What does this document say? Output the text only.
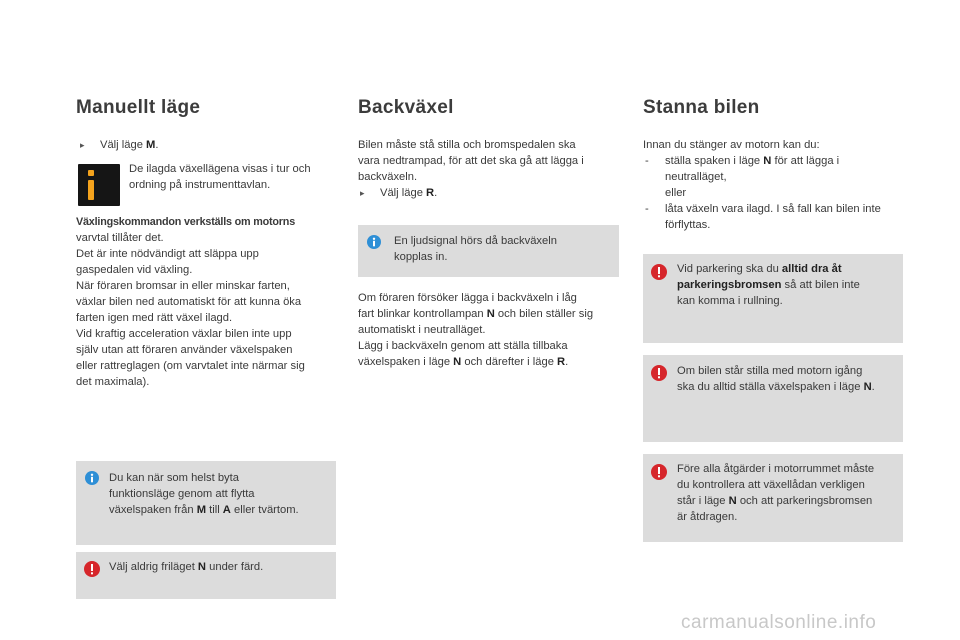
Manuellt läge
▸ Välj läge M.
De ilagda växellägena visas i tur och
ordning på instrumenttavlan.
Växlingskommandon verkställs om motorns
varvtal tillåter det.
Det är inte nödvändigt att släppa upp
gaspedalen vid växling.
När föraren bromsar in eller minskar farten,
växlar bilen ned automatiskt för att kunna öka
farten igen med rätt växel ilagd.
Vid kraftig acceleration växlar bilen inte upp
själv utan att föraren använder växelspaken
eller rattreglagen (om varvtalet inte närmar sig
det maximala).
Du kan när som helst byta
funktionsläge genom att flytta
växelspaken från M till A eller tvärtom.
Välj aldrig friläget N under färd.
Backväxel
Bilen måste stå stilla och bromspedalen ska
vara nedtrampad, för att det ska gå att lägga i
backväxeln.
▸ Välj läge R.
En ljudsignal hörs då backväxeln
kopplas in.
Om föraren försöker lägga i backväxeln i låg
fart blinkar kontrollampan N och bilen ställer sig
automatiskt i neutralläget.
Lägg i backväxeln genom att ställa tillbaka
växelspaken i läge N och därefter i läge R.
Stanna bilen
Innan du stänger av motorn kan du:
- ställa spaken i läge N för att lägga i
neutralläget,
eller
- låta växeln vara ilagd. I så fall kan bilen inte
förflyttas.
Vid parkering ska du alltid dra åt
parkeringsbromsen så att bilen inte
kan komma i rullning.
Om bilen står stilla med motorn igång
ska du alltid ställa växelspaken i läge N.
Före alla åtgärder i motorrummet måste
du kontrollera att växellådan verkligen
står i läge N och att parkeringsbromsen
är åtdragen.
carmanualsonline.info
